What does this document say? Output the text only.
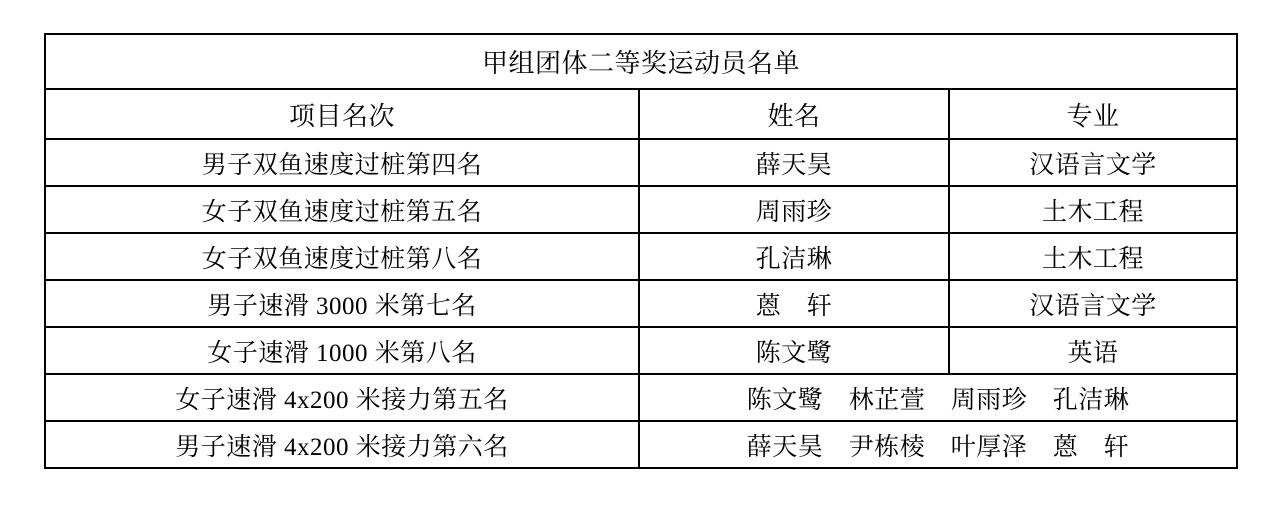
甲组团体二等奖运动员名单		
项目名次	姓名	专业
男子双鱼速度过桩第四名	薛天昊	汉语言文学
女子双鱼速度过桩第五名	周雨珍	土木工程
女子双鱼速度过桩第八名	孔洁琳	土木工程
男子速滑 3000 米第七名	蒽　轩	汉语言文学
女子速滑 1000 米第八名	陈文鹭	英语
女子速滑 4x200 米接力第五名	陈文鹭　林芷萱　周雨珍　孔洁琳	
男子速滑 4x200 米接力第六名	薛天昊　尹栋棱　叶厚泽　蒽　轩	
